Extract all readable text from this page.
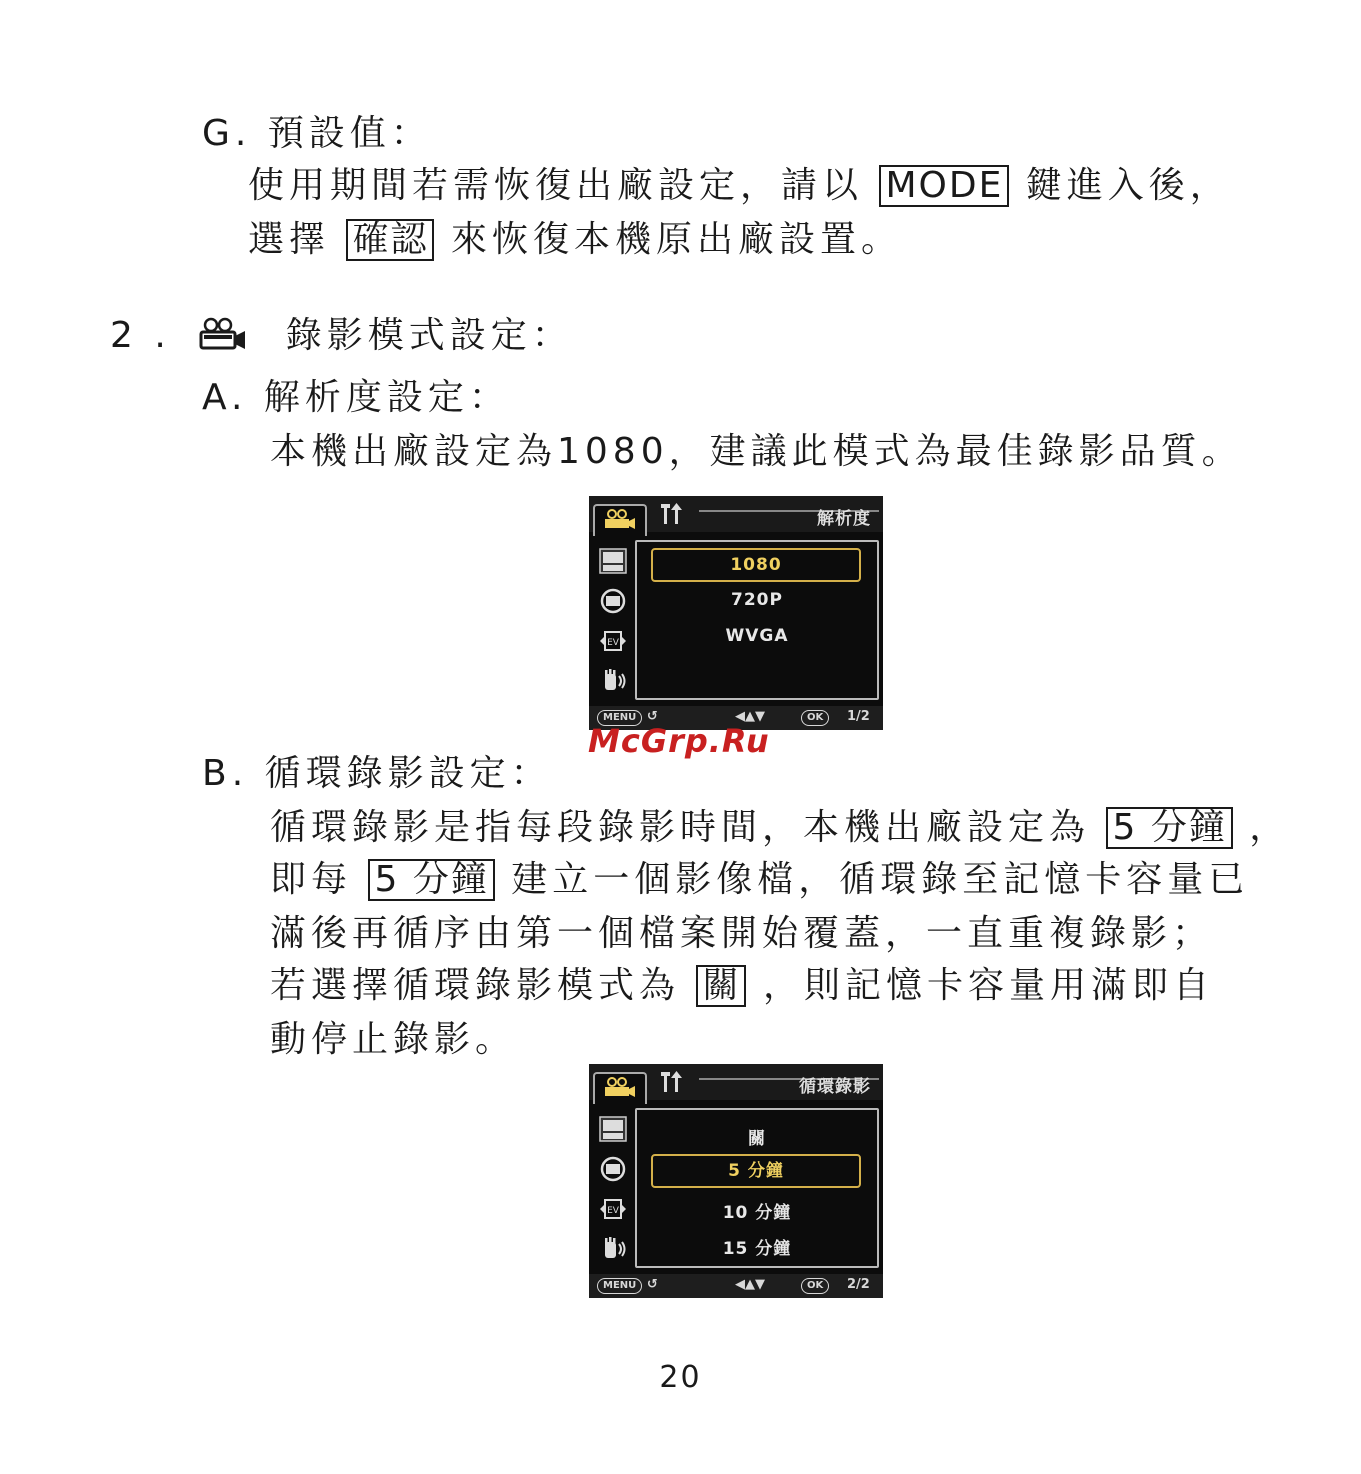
G. 預設值：
使用期間若需恢復出廠設定，請以 MODE 鍵進入後，
選擇 確認 來恢復本機原出廠設置。
2 .	錄影模式設定：
A. 解析度設定：
本機出廠設定為1080，建議此模式為最佳錄影品質。
解析度
EV
1080
720P
WVGA
MENU ↺	◀▲▼	OK	1/2
McGrp.Ru
B. 循環錄影設定：
循環錄影是指每段錄影時間，本機出廠設定為 5 分鐘 ，
即每 5 分鐘 建立一個影像檔，循環錄至記憶卡容量已
滿後再循序由第一個檔案開始覆蓋，一直重複錄影；
若選擇循環錄影模式為 關 ，則記憶卡容量用滿即自
動停止錄影。
循環錄影
EV
關
5 分鐘
10 分鐘
15 分鐘
MENU ↺	◀▲▼	OK	2/2
20
